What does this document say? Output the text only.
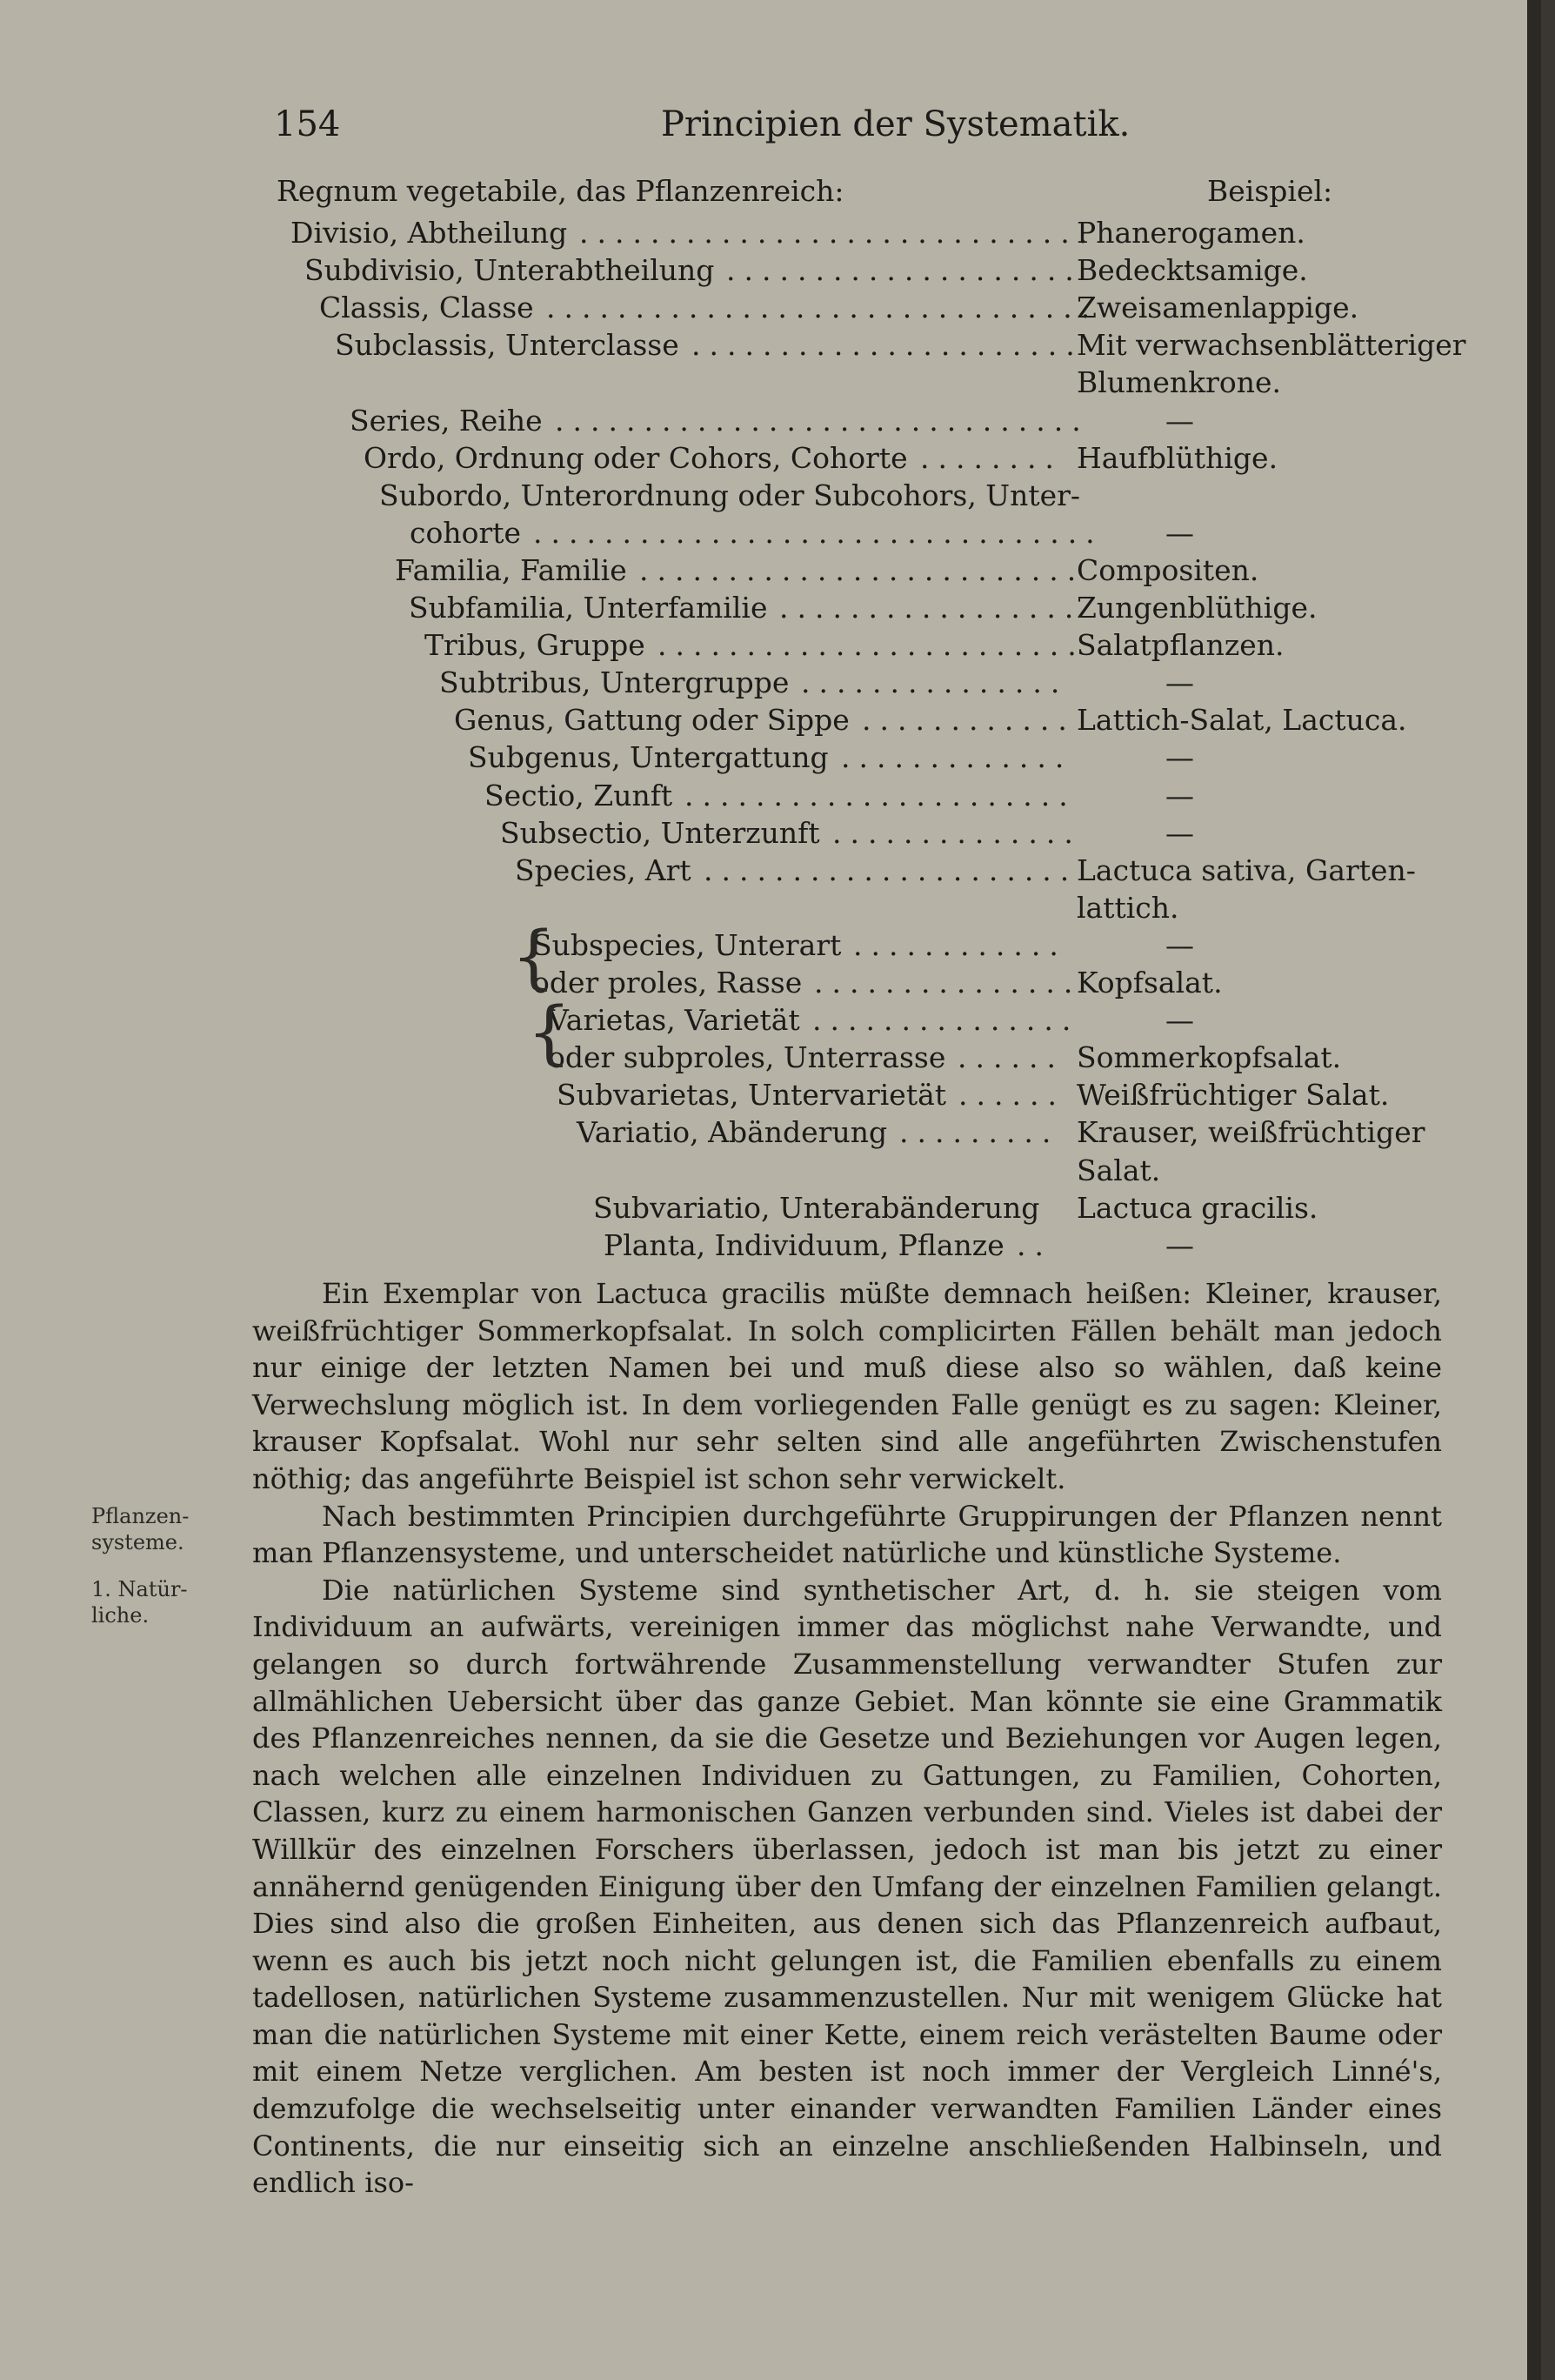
154	Principien der Systematik.
Regnum vegetabile, das Pflanzenreich:	Beispiel:
Divisio, Abtheilung	Phanerogamen.
.............................
Subdivisio, Unterabtheilung	Bedecktsamige.
....................
Classis, Classe	Zweisamenlappige.
...............................
Subclassis, Unterclasse	Mit verwachsenblätteriger
......................
Blumenkrone.
Series, Reihe	—
..............................
Ordo, Ordnung oder Cohors, Cohorte	Haufblüthige.
........
Subordo, Unterordnung oder Subcohors, Unter-
cohorte	—
................................
Familia, Familie	Compositen.
.........................
Subfamilia, Unterfamilie	Zungenblüthige.
.................
Tribus, Gruppe	Salatpflanzen.
........................
Subtribus, Untergruppe	—
...............
Genus, Gattung oder Sippe	Lattich-Salat, Lactuca.
............
Subgenus, Untergattung	—
.............
Sectio, Zunft	—
......................
Subsectio, Unterzunft	—
..............
Species, Art	Lactuca sativa, Garten-
.....................
lattich.
Subspecies, Unterart	—
............
oder proles, Rasse	Kopfsalat.
...............
Varietas, Varietät	—
...............
oder subproles, Unterrasse	Sommerkopfsalat.
......
Subvarietas, Untervarietät	Weißfrüchtiger Salat.
......
Variatio, Abänderung	Krauser, weißfrüchtiger
.........
Salat.
Subvariatio, Unterabänderung Lactuca gracilis.
Planta, Individuum, Pflanze	—
..
{
{
Pflanzen-
systeme.
1. Natür-
liche.

Ein Exemplar von Lactuca gracilis müßte demnach heißen: Kleiner, krauser, weißfrüchtiger Sommerkopfsalat. In solch complicirten Fällen behält man jedoch nur einige der letzten Namen bei und muß diese also so wählen, daß keine Verwechslung möglich ist. In dem vorliegenden Falle genügt es zu sagen: Kleiner, krauser Kopfsalat. Wohl nur sehr selten sind alle angeführten Zwischenstufen nöthig; das angeführte Beispiel ist schon sehr verwickelt.

Nach bestimmten Principien durchgeführte Gruppirungen der Pflanzen nennt man Pflanzensysteme, und unterscheidet natürliche und künstliche Systeme.

Die natürlichen Systeme sind synthetischer Art, d. h. sie steigen vom Individuum an aufwärts, vereinigen immer das möglichst nahe Verwandte, und gelangen so durch fortwährende Zusammenstellung verwandter Stufen zur allmählichen Uebersicht über das ganze Gebiet. Man könnte sie eine Grammatik des Pflanzenreiches nennen, da sie die Gesetze und Beziehungen vor Augen legen, nach welchen alle einzelnen Individuen zu Gattungen, zu Familien, Cohorten, Classen, kurz zu einem harmonischen Ganzen verbunden sind. Vieles ist dabei der Willkür des einzelnen Forschers überlassen, jedoch ist man bis jetzt zu einer annähernd genügenden Einigung über den Umfang der einzelnen Familien gelangt. Dies sind also die großen Einheiten, aus denen sich das Pflanzenreich aufbaut, wenn es auch bis jetzt noch nicht gelungen ist, die Familien ebenfalls zu einem tadellosen, natürlichen Systeme zusammenzustellen. Nur mit wenigem Glücke hat man die natürlichen Systeme mit einer Kette, einem reich verästelten Baume oder mit einem Netze verglichen. Am besten ist noch immer der Vergleich Linné's, demzufolge die wechselseitig unter einander verwandten Familien Länder eines Continents, die nur einseitig sich an einzelne anschließenden Halbinseln, und endlich iso-
